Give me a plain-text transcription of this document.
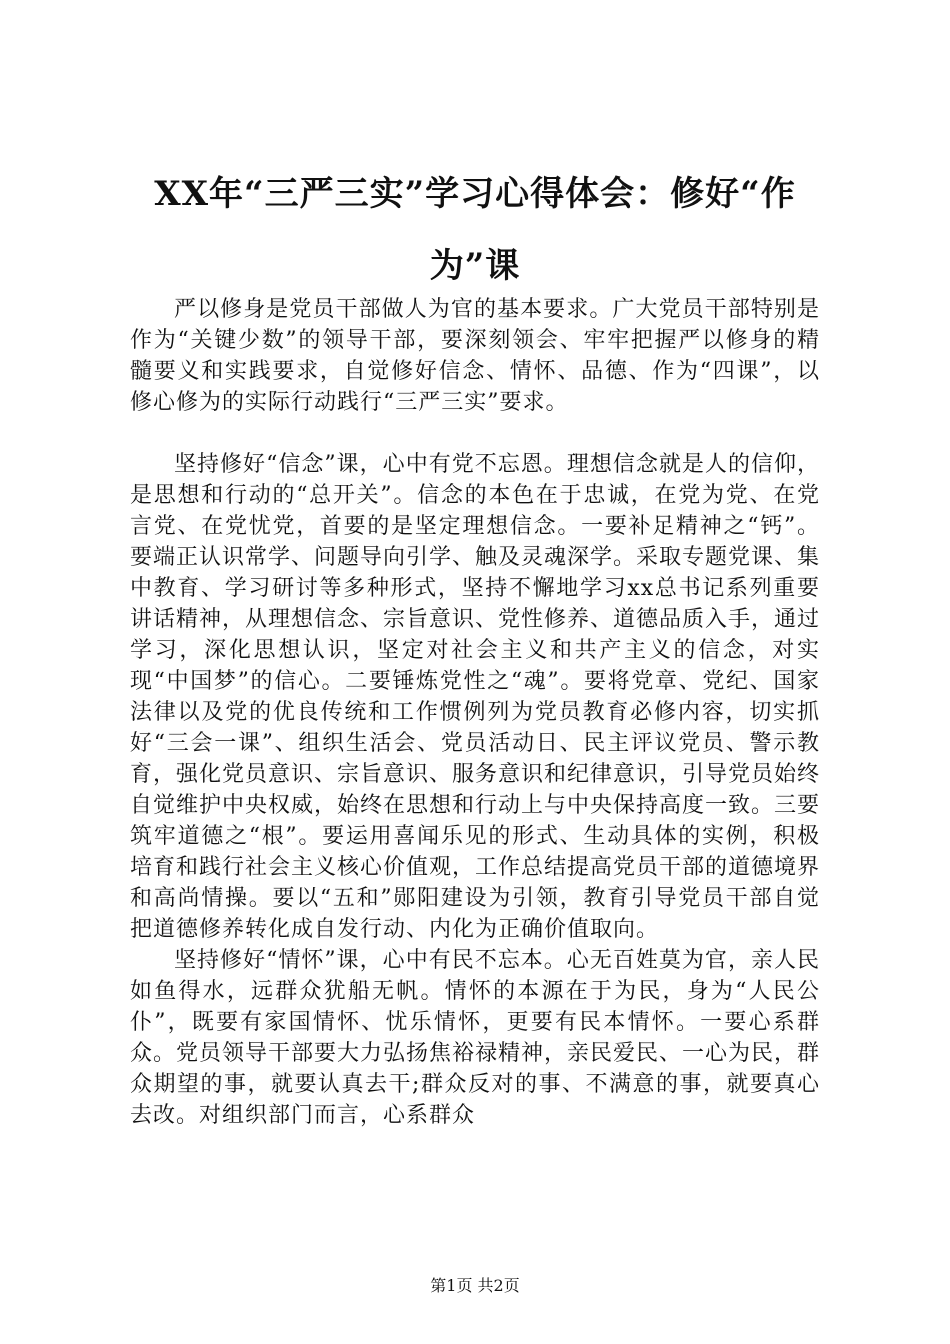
XX年“三严三实”学习心得体会：修好“作为”课

严以修身是党员干部做人为官的基本要求。广大党员干部特别是作为“关键少数”的领导干部，要深刻领会、牢牢把握严以修身的精髓要义和实践要求，自觉修好信念、情怀、品德、作为“四课”，以修心修为的实际行动践行“三严三实”要求。

坚持修好“信念”课，心中有党不忘恩。理想信念就是人的信仰，是思想和行动的“总开关”。信念的本色在于忠诚，在党为党、在党言党、在党忧党，首要的是坚定理想信念。一要补足精神之“钙”。要端正认识常学、问题导向引学、触及灵魂深学。采取专题党课、集中教育、学习研讨等多种形式，坚持不懈地学习xx总书记系列重要讲话精神，从理想信念、宗旨意识、党性修养、道德品质入手，通过学习，深化思想认识，坚定对社会主义和共产主义的信念，对实现“中国梦”的信心。二要锤炼党性之“魂”。要将党章、党纪、国家法律以及党的优良传统和工作惯例列为党员教育必修内容，切实抓好“三会一课”、组织生活会、党员活动日、民主评议党员、警示教育，强化党员意识、宗旨意识、服务意识和纪律意识，引导党员始终自觉维护中央权威，始终在思想和行动上与中央保持高度一致。三要筑牢道德之“根”。要运用喜闻乐见的形式、生动具体的实例，积极培育和践行社会主义核心价值观，工作总结提高党员干部的道德境界和高尚情操。要以“五和”郧阳建设为引领，教育引导党员干部自觉把道德修养转化成自发行动、内化为正确价值取向。

坚持修好“情怀”课，心中有民不忘本。心无百姓莫为官，亲人民如鱼得水，远群众犹船无帆。情怀的本源在于为民，身为“人民公仆”，既要有家国情怀、忧乐情怀，更要有民本情怀。一要心系群众。党员领导干部要大力弘扬焦裕禄精神，亲民爱民、一心为民，群众期望的事，就要认真去干;群众反对的事、不满意的事，就要真心去改。对组织部门而言，心系群众

第1页 共2页
